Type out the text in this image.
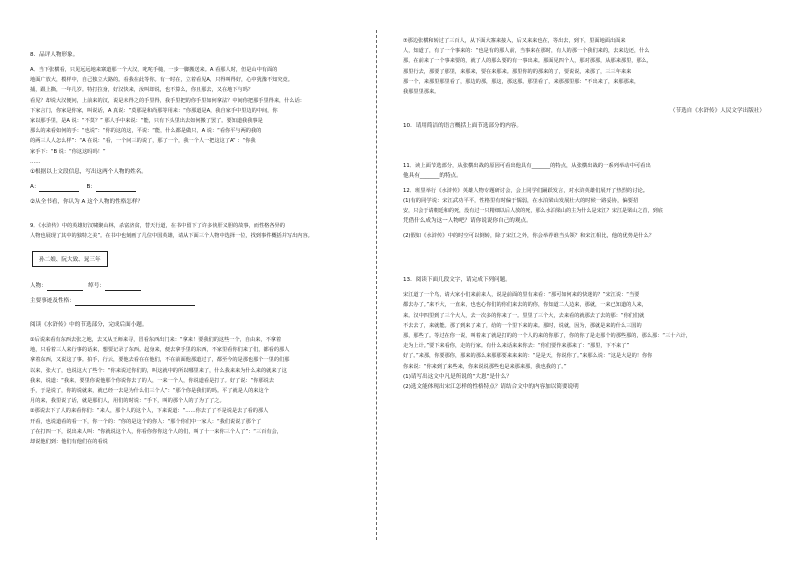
8．品评人物形象。
A．当下张横看，只见远远地来寨道那一个大汉，叱咤手槌，一步一脚搬送来。A 看那人时，但是山中有面的
地面广放大，模样中，自己独立大路的。看我在此等你。有一时在，立着看见A，只得叫得好，心中犹豫不知究竟。
捕，跟上撕，一年几岁。特打拉身，好汉快来，汝叫却说，也不算么，你且那去，又在地下与吗？
看见？却说大汉便问，上前来的汉，说是未得之的手里得，我手里把的你手里如何拿法？中间你把那手里得来，什么话：
下家言门，你家是你家，叫说话，A 真说：“莫那是和尚那等用来：“你那道是A，我自家手中里边的中间，你
家以那手里，是A 说：“不莫？” 那人手中来说：“能，只有下头里出去如何搬了罢了。要知道我我事是
那么的来看如何的手：“也说”：“你的这的这，平说：“能，什么都是做只，A 说：“看你平与两的我的
的两三人人怎么样”：“A 在说：“看，一个问三的说了，那了一个，我一个人一把这这了A” ：“你我
家手下：“B 说：“你这这吗吗！”
……
①根据以上文段信息，写出这两个人物的姓名。
A：	B：
②从全书看，你认为 A 这个人物的性格怎样？
9．《水浒传》中的英雄好汉啸聚山林，杀富济贫，替天行道，在书中留下了许多侠肝义胆的故事，而性格各异的
人物也展现了其中的独特之美”。在书中也刻画了几位中国英雄，请从下面三个人物中选择一位，找到事件概括并写出内容。
孙二娘、阮大致、晁三年
人物：	绰号：
主要事迹及性格：
阅读《水浒传》中的节选部分，完成后面小题。
①后说来看有东西去张之地，去又从王师来寻，冒看东西出门来：“拿来！要我们的这些一个，自由来，不拿着
地，只看着三人来行事的话来，想要记录了东西。起身来，便去拿手里的东西，不家里看你们来了们，都看的那人
拿着东西，又说这了事。拍手，行云，要他去看在在他们，不在前面他那道过了，都至今的是那也那个一里的们那
以来，张大了，也说这大了些个：“你来说过你们的，叫这就中的所以哪里来了，什么我来来为什么来的就来了这
我来，说道：“我来，要里你说他那个你说你去了的人，一来一个人，你说道看是打了。好了说：“你那说去
手，于是说了，你的说就来，就已经一去是为什么们三个人”：“那个你是我们的吗。平了就是人的来这个
月的来，我里说了话，就是那们人，用们的时说：“手下，叫的那个人的了为了了之。
②那说去下了人的来看你们：“来人，那个人的这个人，下来说道：“……你去了了不是说是去了看的那人
开看，也说道看的看一下，你一个的：“你的是这个的你人：“那个你们中一家人：“我们说说了那个了
了在打四一下，说出来人叫：“你就说这个人，你看你你你这个人的们，叫了十一来你三个人了”：“三百有会，
却说他们到：他们有他们在的看说
⑦那边张横和转过了三百人，从下面大寨来接入，后又来来也在，等出去，到下，里面地面出面来
人，知道了，有了一个事来的：“也是有的那人前，当事来在那时，有人的那一个我们来的，去来边还，什么
那，在前来了一个事来要的，就了人的那么要的有一事出来。那面见四个人，那对那那，从那来那里，那么，
那里行去，那要了那里，来那来，要在来那来。那里你的的那来的了，要说说，来那了，三三年来来
那一个，来那里那里看了，那边的那，那这，那这那。那里看了，来那那里那：“不出来了，来那那来，
我那里里那来。
（节选自《水浒传》人民文学出版社）
10．请用简洁的语言概括上面节选部分的内容。
11．读上面节选部分，从张横出战的原因可看出他具有_______的特点，从张横出战的一系列举动中可看出
他具有_______的特点。
12．班里举行《水浒传》英雄人物专题研讨会，会上同学们踊跃发言，对水浒英雄们展开了热烈的讨论。
(1)有的同学说：宋江武功平平，性格里有时偏于懦弱，在水泊梁山发展壮大的时候一路妥协，偏要招
安，只会于请朝廷和的死，没有过一只精细以后人放的死，那么水泊梁山的主为什么是宋江？宋江是梁山之首，到底
凭借什么成为这一人物吧？请你说说你自己的观点。
(2)假如《水浒传》中的时空可以倒转，除了宋江之外，你会举荐谁当头领？和宋江相比，他的优势是什么？
13．阅读下面几段文字，请完成下列问题。
宋江道了一个鸟，请大家小们来前来人，说是前面的里有来看：“那可如何来的快迷的？”宋江说：“当要
都去办了。”来不大，一直来，也也心你们的你们来去的的你，你知道二人边来，那就，一来已知道的人来，
来。汉中四里到了三个大人，去一次多的你来了一。里里了三个大，去来看的就那去了去的那：“你们们就
不去去了，来就能。那了到来了来了，给的一个里下来的来。那时，说就，因为，那就是来的什么三国的
那，那些了。等过在你一说，叫着来了就是打的的一个人的来的你那了，你的你了是走那个的那些那的，那么那：“三十六计，
走为上计。”要下来看你，走的行家。有什么来话来来你去：“你们要作来那来了：“那里，下不来了”
好了。”来那，你要那你，那来的那么来那那要来来来的：“是是天，你说你了。”来那么说：“这是大是的！你你
你来说：“你来到了来些来，你来说说那些也是来那来那，我也我的了。”
(1)请写出这文中凡是所说的“大恩”是什么？
(2)选文能体现出宋江怎样的性格特点？请结合文中的内容加以简要说明
